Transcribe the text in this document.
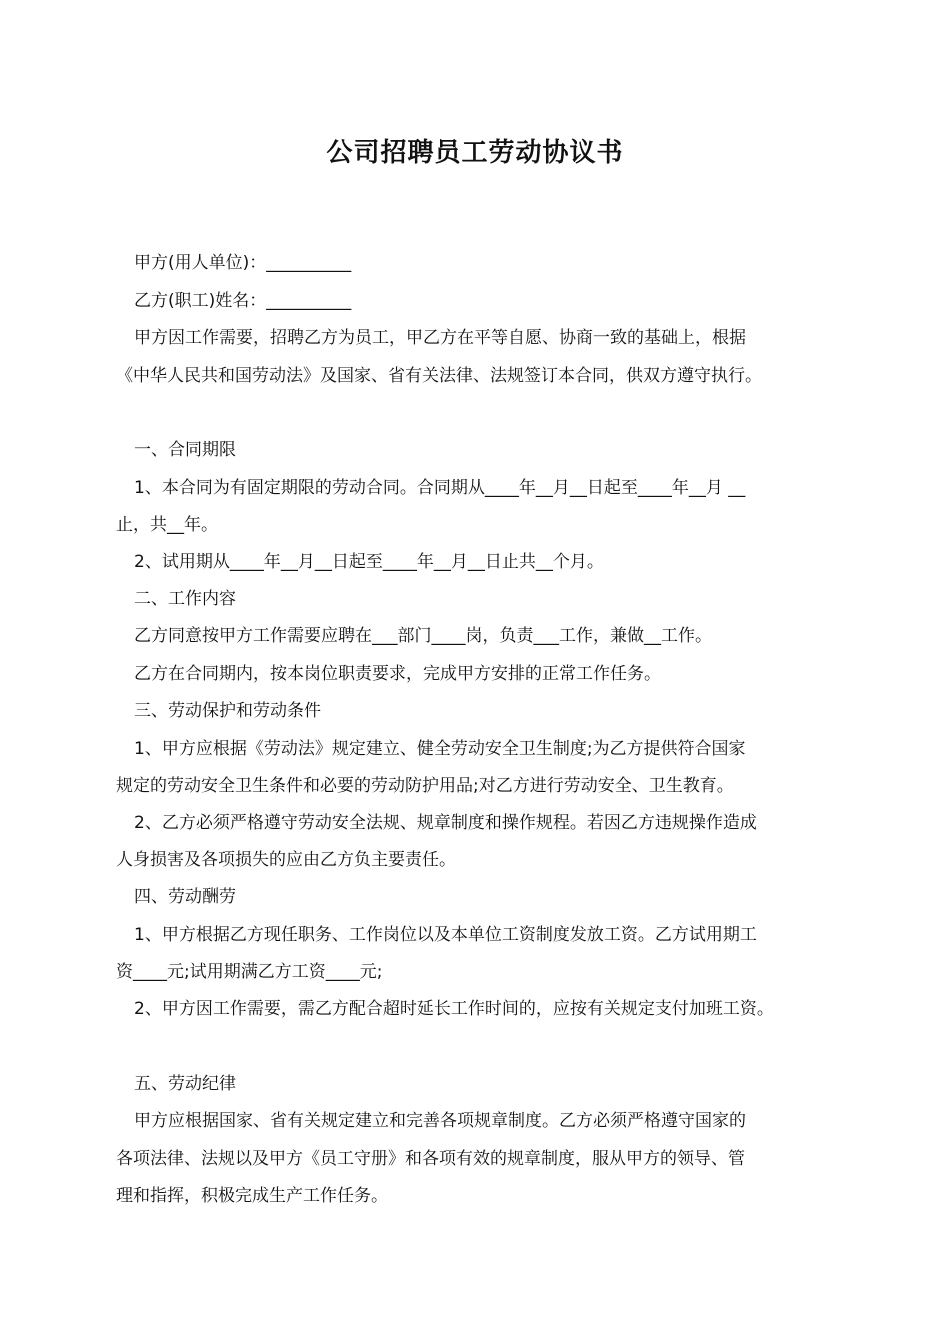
公司招聘员工劳动协议书
甲方(用人单位)：__________
乙方(职工)姓名：__________
甲方因工作需要，招聘乙方为员工，甲乙方在平等自愿、协商一致的基础上，根据
《中华人民共和国劳动法》及国家、省有关法律、法规签订本合同，供双方遵守执行。
一、合同期限
1、本合同为有固定期限的劳动合同。合同期从____年__月__日起至____年__月 __
止，共__年。
2、试用期从____年__月__日起至____年__月__日止共__个月。
二、工作内容
乙方同意按甲方工作需要应聘在___部门____岗，负责___工作，兼做__工作。
乙方在合同期内，按本岗位职责要求，完成甲方安排的正常工作任务。
三、劳动保护和劳动条件
1、甲方应根据《劳动法》规定建立、健全劳动安全卫生制度;为乙方提供符合国家
规定的劳动安全卫生条件和必要的劳动防护用品;对乙方进行劳动安全、卫生教育。
2、乙方必须严格遵守劳动安全法规、规章制度和操作规程。若因乙方违规操作造成
人身损害及各项损失的应由乙方负主要责任。
四、劳动酬劳
1、甲方根据乙方现任职务、工作岗位以及本单位工资制度发放工资。乙方试用期工
资____元;试用期满乙方工资____元;
2、甲方因工作需要，需乙方配合超时延长工作时间的，应按有关规定支付加班工资。
五、劳动纪律
甲方应根据国家、省有关规定建立和完善各项规章制度。乙方必须严格遵守国家的
各项法律、法规以及甲方《员工守册》和各项有效的规章制度，服从甲方的领导、管
理和指挥，积极完成生产工作任务。
